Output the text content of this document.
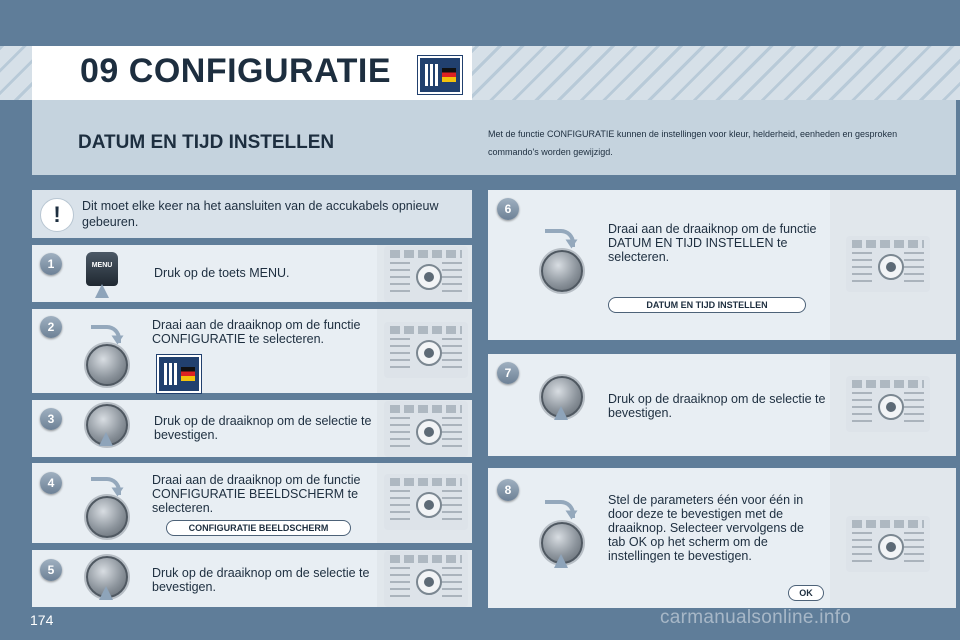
09 CONFIGURATIE
DATUM EN TIJD INSTELLEN	Met de functie CONFIGURATIE kunnen de instellingen voor kleur, helderheid, eenheden en gesproken commando's worden gewijzigd.
!	Dit moet elke keer na het aansluiten van de accukabels opnieuw gebeuren.
1	MENU
Druk op de toets MENU.
2	Draai aan de draaiknop om de functie CONFIGURATIE te selecteren.
3	Druk op de draaiknop om de selectie te bevestigen.
4	Draai aan de draaiknop om de functie CONFIGURATIE BEELDSCHERM te selecteren.
CONFIGURATIE BEELDSCHERM
5	Druk op de draaiknop om de selectie te bevestigen.
6
Draai aan de draaiknop om de functie DATUM EN TIJD INSTELLEN te selecteren.
DATUM EN TIJD INSTELLEN
7
Druk op de draaiknop om de selectie te bevestigen.
8
Stel de parameters één voor één in door deze te bevestigen met de draaiknop. Selecteer vervolgens de tab OK op het scherm om de instellingen te bevestigen.
OK
174	carmanualsonline.info
